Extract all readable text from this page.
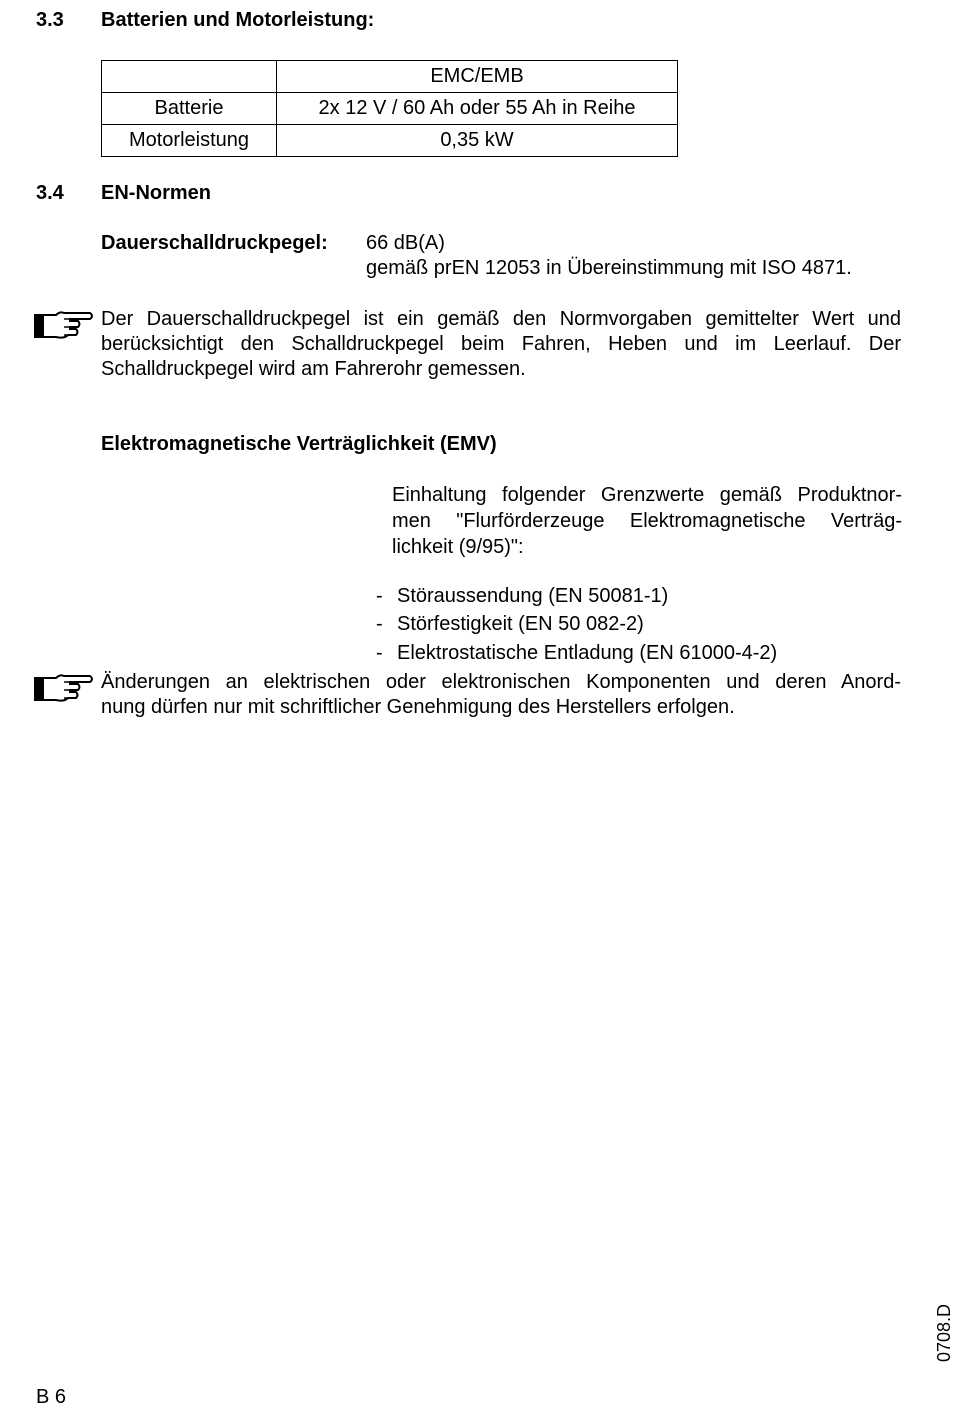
3.3 Batterien und Motorleistung:
	EMC/EMB
Batterie	2x 12 V / 60 Ah oder 55 Ah in Reihe
Motorleistung	0,35 kW
3.4 EN-Normen
Dauerschalldruckpegel: 66 dB(A)
gemäß prEN 12053 in Übereinstimmung mit ISO 4871.
Der Dauerschalldruckpegel ist ein gemäß den Normvorgaben gemittelter Wert und
berücksichtigt den Schalldruckpegel beim Fahren, Heben und im Leerlauf. Der
Schalldruckpegel wird am Fahrerohr gemessen.
Elektromagnetische Verträglichkeit (EMV)
Einhaltung folgender Grenzwerte gemäß Produktnor-
men "Flurförderzeuge Elektromagnetische Verträg-
lichkeit (9/95)":
- Störaussendung (EN 50081-1)
- Störfestigkeit (EN 50 082-2)
- Elektrostatische Entladung (EN 61000-4-2)
Änderungen an elektrischen oder elektronischen Komponenten und deren Anord-
nung dürfen nur mit schriftlicher Genehmigung des Herstellers erfolgen.
B 6
0708.D
